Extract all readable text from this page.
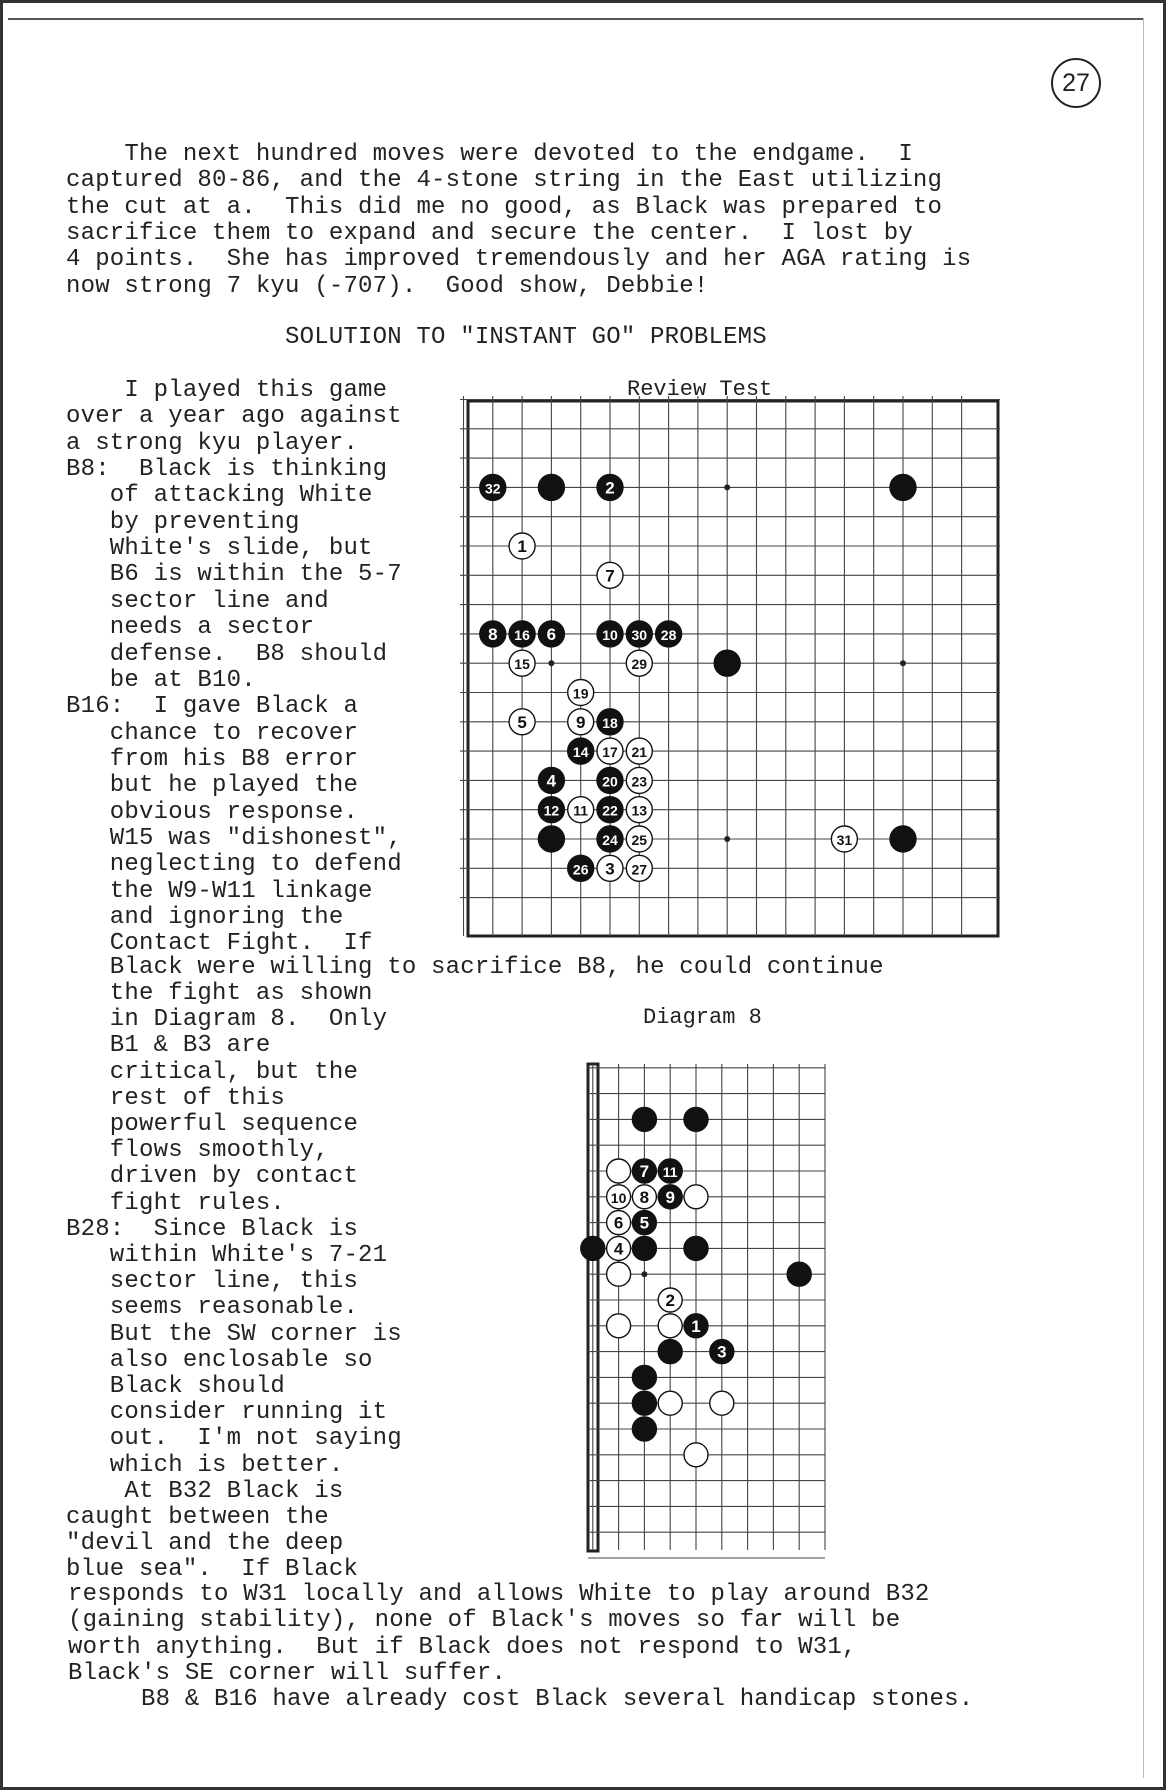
27
The next hundred moves were devoted to the endgame.  I
captured 80-86, and the 4-stone string in the East utilizing
the cut at a.  This did me no good, as Black was prepared to
sacrifice them to expand and secure the center.  I lost by
4 points.  She has improved tremendously and her AGA rating is
now strong 7 kyu (-707).  Good show, Debbie!
SOLUTION TO "INSTANT GO" PROBLEMS
I played this game
over a year ago against
a strong kyu player.
B8:  Black is thinking
of attacking White
by preventing
White's slide, but
B6 is within the 5-7
sector line and
needs a sector
defense.  B8 should
be at B10.
B16:  I gave Black a
chance to recover
from his B8 error
but he played the
obvious response.
W15 was "dishonest",
neglecting to defend
the W9-W11 linkage
and ignoring the
Contact Fight.  If
Black were willing to sacrifice B8, he could continue
the fight as shown
in Diagram 8.  Only
B1 & B3 are
critical, but the
rest of this
powerful sequence
flows smoothly,
driven by contact
fight rules.
B28:  Since Black is
within White's 7-21
sector line, this
seems reasonable.
But the SW corner is
also enclosable so
Black should
consider running it
out.  I'm not saying
which is better.
At B32 Black is
caught between the
"devil and the deep
blue sea".  If Black
responds to W31 locally and allows White to play around B32
(gaining stability), none of Black's moves so far will be
worth anything.  But if Black does not respond to W31,
Black's SE corner will suffer.
B8 & B16 have already cost Black several handicap stones.
Review Test
32	2
1
7
8 16 6	10 30 28
15	29
19
5	9 18
14 17 21
4	20 23
12 11 22 13
24 25	31
26 3 27
Diagram 8
7 11
10 8 9
6 5
4
2
1
3
